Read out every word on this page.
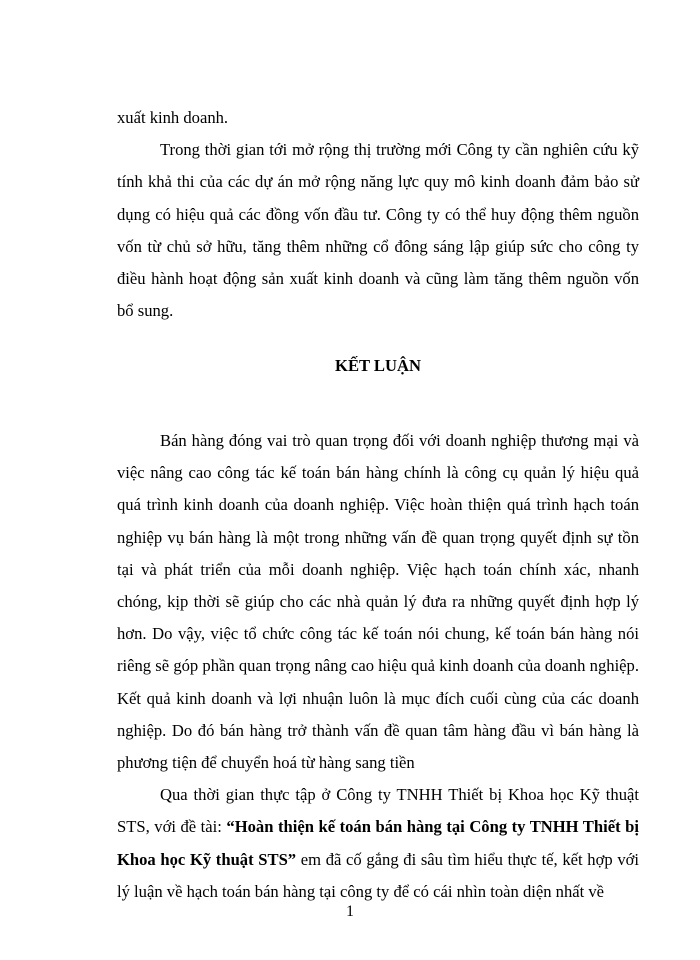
xuất kinh doanh.

Trong thời gian tới mở rộng thị trường mới Công ty cần nghiên cứu kỹ tính khả thi của các dự án mở rộng năng lực quy mô kinh doanh đảm bảo sử dụng có hiệu quả các đồng vốn đầu tư. Công ty có thể huy động thêm nguồn vốn từ chủ sở hữu, tăng thêm những cổ đông sáng lập giúp sức cho công ty điều hành hoạt động sản xuất kinh doanh và cũng làm tăng thêm nguồn vốn bổ sung.

KẾT LUẬN

Bán hàng đóng vai trò quan trọng đối với doanh nghiệp thương mại và việc nâng cao công tác kế toán bán hàng chính là công cụ quản lý hiệu quả quá trình kinh doanh của doanh nghiệp. Việc hoàn thiện quá trình hạch toán nghiệp vụ bán hàng là một trong những vấn đề quan trọng quyết định sự tồn tại và phát triển của mỗi doanh nghiệp. Việc hạch toán chính xác, nhanh chóng, kịp thời sẽ giúp cho các nhà quản lý đưa ra những quyết định hợp lý hơn. Do vậy, việc tổ chức công tác kế toán nói chung, kế toán bán hàng nói riêng sẽ góp phần quan trọng nâng cao hiệu quả kinh doanh của doanh nghiệp. Kết quả kinh doanh và lợi nhuận luôn là mục đích cuối cùng của các doanh nghiệp. Do đó bán hàng trở thành vấn đề quan tâm hàng đầu vì bán hàng là phương tiện để chuyển hoá từ hàng sang tiền

Qua thời gian thực tập ở Công ty TNHH Thiết bị Khoa học Kỹ thuật STS, với đề tài: “Hoàn thiện kế toán bán hàng tại Công ty TNHH Thiết bị Khoa học Kỹ thuật STS” em đã cố gắng đi sâu tìm hiểu thực tế, kết hợp với lý luận về hạch toán bán hàng tại công ty để có cái nhìn toàn diện nhất về

1
